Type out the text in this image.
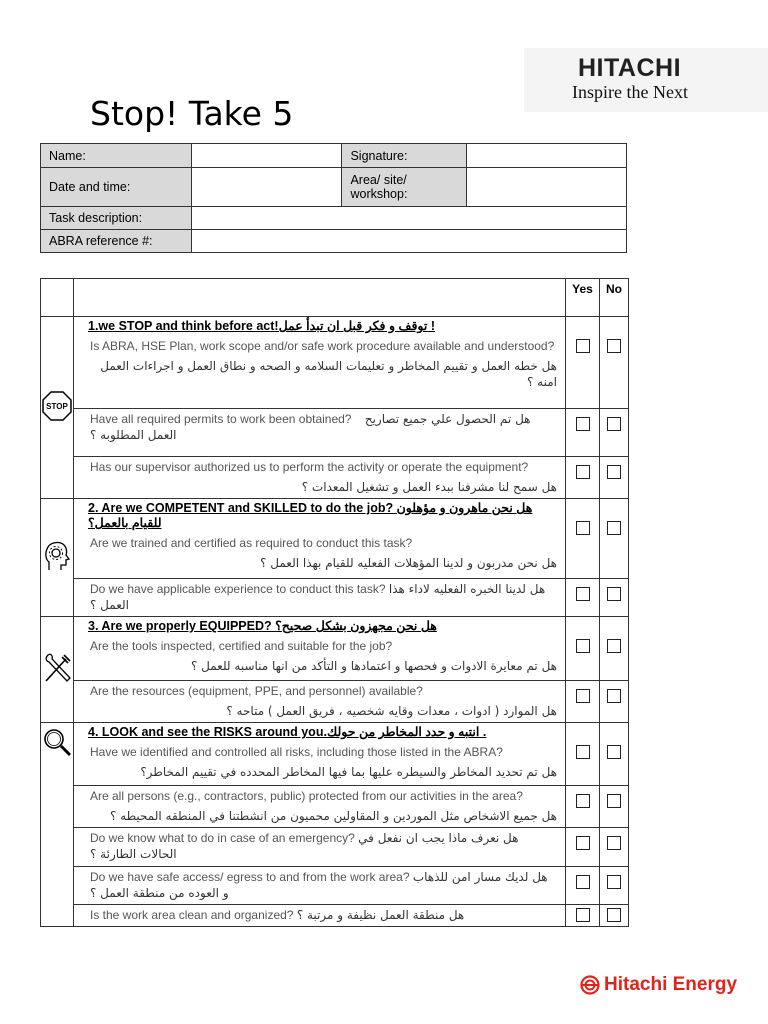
HITACHI
Inspire the Next
Stop! Take 5
Name:		Signature:	
Date and time:		Area/ site/ workshop:	
Task description:			
ABRA reference #:			
		Yes	No

STOP	1.we STOP and think before act!توقف و فكر قبل ان تبدأ عمل !
Is ABRA, HSE Plan, work scope and/or safe work procedure available and understood?
هل خطه العمل و تقييم المخاطر و تعليمات السلامه و الصحه و نطاق العمل و اجراءات العمل امنه ؟		

	Have all required permits to work been obtained? هل تم الحصول علي جميع تصاريح العمل المطلوبه ؟		

	Has our supervisor authorized us to perform the activity or operate the equipment?
هل سمح لنا مشرفنا ببدء العمل و تشغيل المعدات ؟		

2. Are we COMPETENT and SKILLED to do the job? هل نحن ماهرون و مؤهلون للقيام بالعمل؟
Are we trained and certified as required to conduct this task?
هل نحن مدربون و لدينا المؤهلات الفعليه للقيام بهذا العمل ؟		

	Do we have applicable experience to conduct this task? هل لدينا الخبره الفعليه لاداء هذا العمل ؟		

3. Are we properly EQUIPPED? هل نحن مجهزون بشكل صحيح؟
Are the tools inspected, certified and suitable for the job?
هل تم معايرة الادوات و فحصها و اعتمادها و التأكد من انها مناسبه للعمل ؟		

	Are the resources (equipment, PPE, and personnel) available?
هل الموارد ( ادوات ، معدات وقايه شخصيه ، فريق العمل ) متاحه ؟		

4. LOOK and see the RISKS around you.انتبه و حدد المخاطر من حولك .
Have we identified and controlled all risks, including those listed in the ABRA?
هل تم تحديد المخاطر والسيطره عليها بما فيها المخاطر المحدده في تقييم المخاطر؟		

	Are all persons (e.g., contractors, public) protected from our activities in the area?
هل جميع الاشخاص مثل الموردين و المقاولين محميون من انشطتنا في المنطقه المحيطه ؟		

	Do we know what to do in case of an emergency? هل نعرف ماذا يجب ان نفعل في الحالات الطارئة ؟		

	Do we have safe access/ egress to and from the work area? هل لديك مسار امن للذهاب و العوده من منطقة العمل ؟		

	Is the work area clean and organized? هل منطقة العمل نظيفة و مرتبة ؟		

Hitachi Energy
